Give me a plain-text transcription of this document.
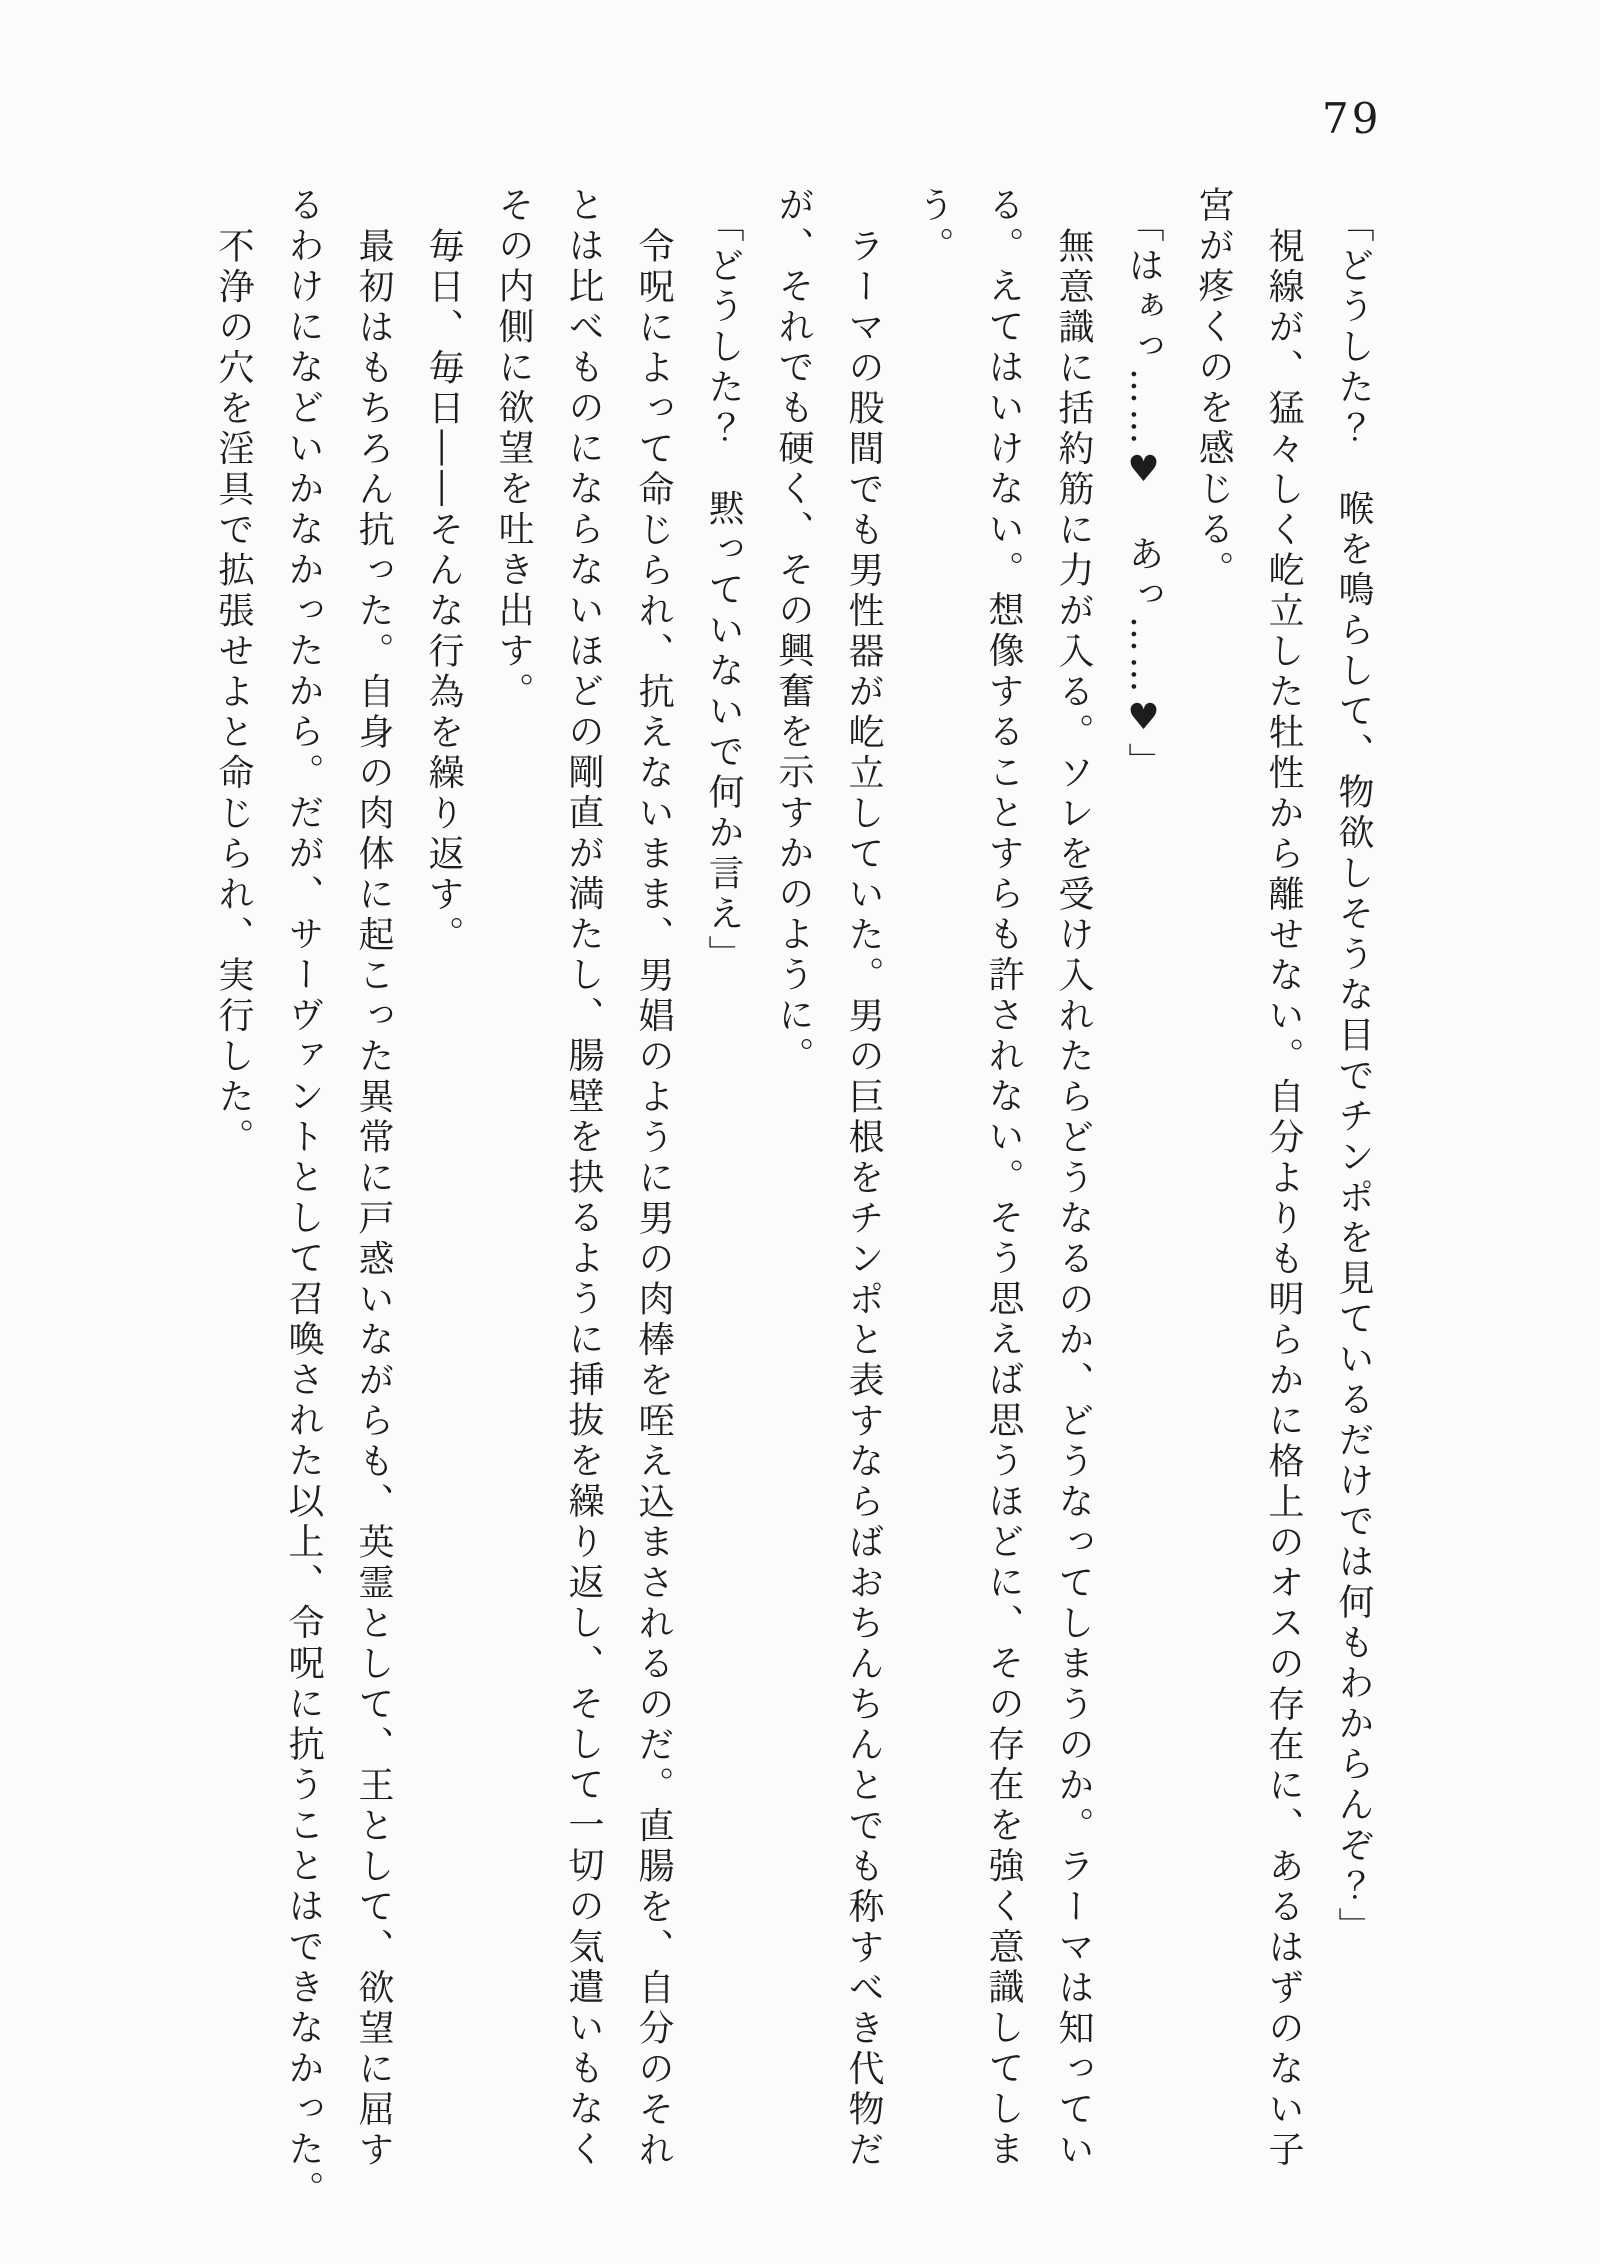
79
「どうした？　喉を鳴らして、物欲しそうな目でチンポを見ているだけでは何もわからんぞ？」
視線が、猛々しく屹立した牡性から離せない。自分よりも明らかに格上のオスの存在に、あるはずのない子
宮が疼くのを感じる。
「はぁっ……♥　あっ……♥」
無意識に括約筋に力が入る。ソレを受け入れたらどうなるのか、どうなってしまうのか。ラーマは知ってい
る。えてはいけない。想像することすらも許されない。そう思えば思うほどに、その存在を強く意識してしま
う。
ラーマの股間でも男性器が屹立していた。男の巨根をチンポと表すならばおちんちんとでも称すべき代物だ
が、それでも硬く、その興奮を示すかのように。
「どうした？　黙っていないで何か言え」
令呪によって命じられ、抗えないまま、男娼のように男の肉棒を咥え込まされるのだ。直腸を、自分のそれ
とは比べものにならないほどの剛直が満たし、腸壁を抉るように挿抜を繰り返し、そして一切の気遣いもなく
その内側に欲望を吐き出す。
毎日、毎日――そんな行為を繰り返す。
最初はもちろん抗った。自身の肉体に起こった異常に戸惑いながらも、英霊として、王として、欲望に屈す
るわけになどいかなかったから。だが、サーヴァントとして召喚された以上、令呪に抗うことはできなかった。
不浄の穴を淫具で拡張せよと命じられ、実行した。
